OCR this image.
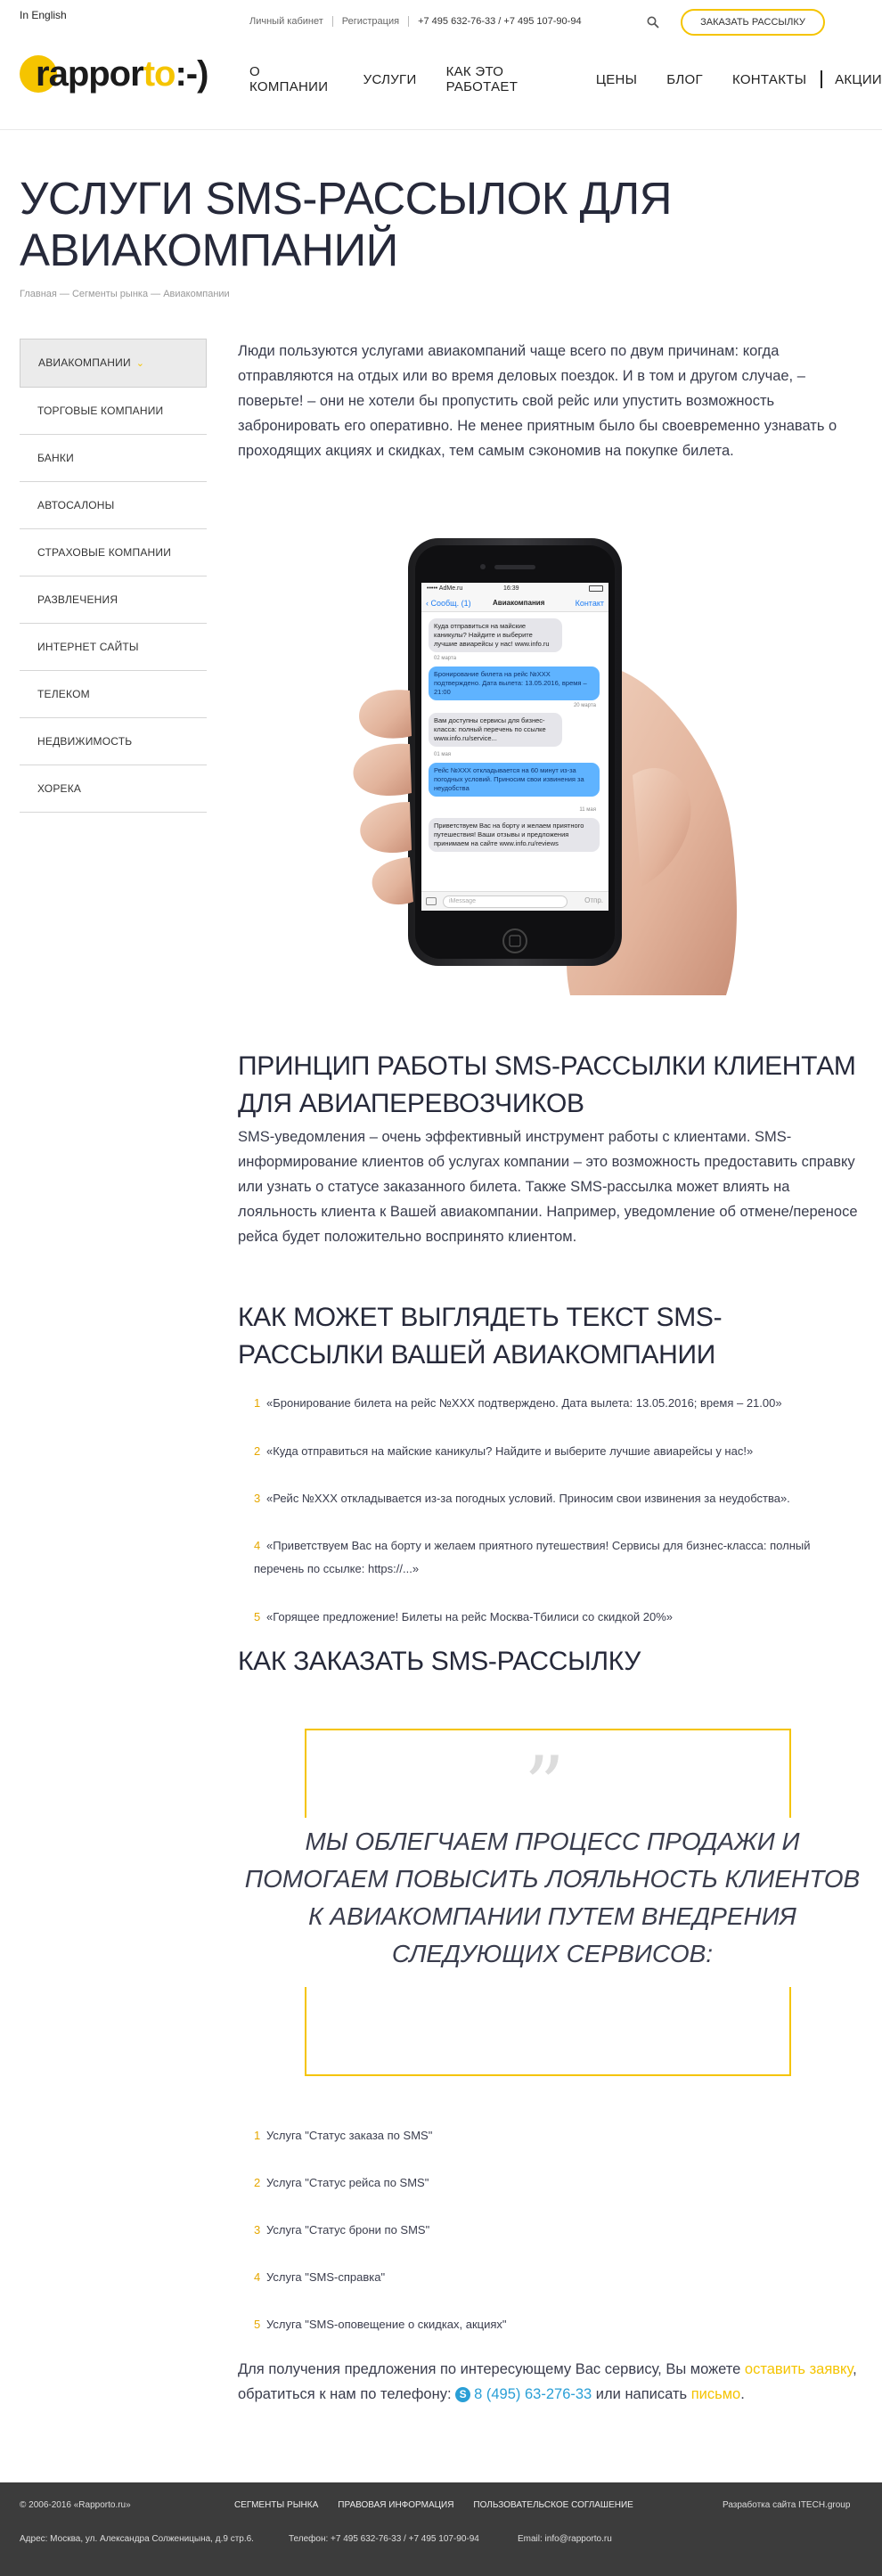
In English	Личный кабинет	Регистрация	+7 495 632-76-33 / +7 495 107-90-94	ЗАКАЗАТЬ РАССЫЛКУ
rapporto:-)	О КОМПАНИИ	УСЛУГИ КАК ЭТО РАБОТАЕТ	ЦЕНЫ БЛОГ КОНТАКТЫ АКЦИИ
УСЛУГИ SMS-РАССЫЛОК ДЛЯ АВИАКОМПАНИЙ
Главная — Сегменты рынка — Авиакомпании
АВИАКОМПАНИИ ⌄
ТОРГОВЫЕ КОМПАНИИ
БАНКИ
АВТОСАЛОНЫ
СТРАХОВЫЕ КОМПАНИИ
РАЗВЛЕЧЕНИЯ
ИНТЕРНЕТ САЙТЫ
ТЕЛЕКОМ
НЕДВИЖИМОСТЬ
ХОРЕКА

Люди пользуются услугами авиакомпаний чаще всего по двум причинам: когда отправляются на отдых или во время деловых поездок. И в том и другом случае, – поверьте! – они не хотели бы пропустить свой рейс или упустить возможность забронировать его оперативно. Не менее приятным было бы своевременно узнавать о проходящих акциях и скидках, тем самым сэкономив на покупке билета.

••••• AdMe.ru	16:39
‹ Сообщ. (1)	Авиакомпания	Контакт
Куда отправиться на майские каникулы? Найдите и выберите лучшие авиарейсы у нас! www.info.ru
02 марта
Бронирование билета на рейс №XXX подтверждено. Дата вылета: 13.05.2016, время – 21:00
20 марта
Вам доступны сервисы для бизнес-класса: полный перечень по ссылке www.info.ru/service...
01 мая
Рейс №XXX откладывается на 60 минут из-за погодных условий. Приносим свои извинения за неудобства
11 мая
Приветствуем Вас на борту и желаем приятного путешествия! Ваши отзывы и предложения принимаем на сайте www.info.ru/reviews
iMessage	Отпр.
ПРИНЦИП РАБОТЫ SMS-РАССЫЛКИ КЛИЕНТАМ ДЛЯ АВИАПЕРЕВОЗЧИКОВ

SMS-уведомления – очень эффективный инструмент работы с клиентами. SMS-информирование клиентов об услугах компании – это возможность предоставить справку или узнать о статусе заказанного билета. Также SMS-рассылка может влиять на лояльность клиента к Вашей авиакомпании. Например, уведомление об отмене/переносе рейса будет положительно воспринято клиентом.

КАК МОЖЕТ ВЫГЛЯДЕТЬ ТЕКСТ SMS-РАССЫЛКИ ВАШЕЙ АВИАКОМПАНИИ
1 «Бронирование билета на рейс №XXX подтверждено. Дата вылета: 13.05.2016; время – 21.00»
2 «Куда отправиться на майские каникулы? Найдите и выберите лучшие авиарейсы у нас!»
3 «Рейс №XXX откладывается из-за погодных условий. Приносим свои извинения за неудобства».
4 «Приветствуем Вас на борту и желаем приятного путешествия! Сервисы для бизнес-класса: полный перечень по ссылке: https://...»
5 «Горящее предложение! Билеты на рейс Москва-Тбилиси со скидкой 20%»
КАК ЗАКАЗАТЬ SMS-РАССЫЛКУ
”

МЫ ОБЛЕГЧАЕМ ПРОЦЕСС ПРОДАЖИ И ПОМОГАЕМ ПОВЫСИТЬ ЛОЯЛЬНОСТЬ КЛИЕНТОВ К АВИАКОМПАНИИ ПУТЕМ ВНЕДРЕНИЯ СЛЕДУЮЩИХ СЕРВИСОВ:

1 Услуга "Статус заказа по SMS"
2 Услуга "Статус рейса по SMS"
3 Услуга "Статус брони по SMS"
4 Услуга "SMS-справка"
5 Услуга "SMS-оповещение о скидках, акциях"

Для получения предложения по интересующему Вас сервису, Вы можете оставить заявку, обратиться к нам по телефону: S 8 (495) 63-276-33 или написать письмо.

© 2006-2016 «Rapporto.ru»	СЕГМЕНТЫ РЫНКА ПРАВОВАЯ ИНФОРМАЦИЯ ПОЛЬЗОВАТЕЛЬСКОЕ СОГЛАШЕНИЕ	Разработка сайта ITECH.group
Адрес: Москва, ул. Александра Солженицына, д.9 стр.6.	Телефон: +7 495 632-76-33 / +7 495 107-90-94	Email: info@rapporto.ru
